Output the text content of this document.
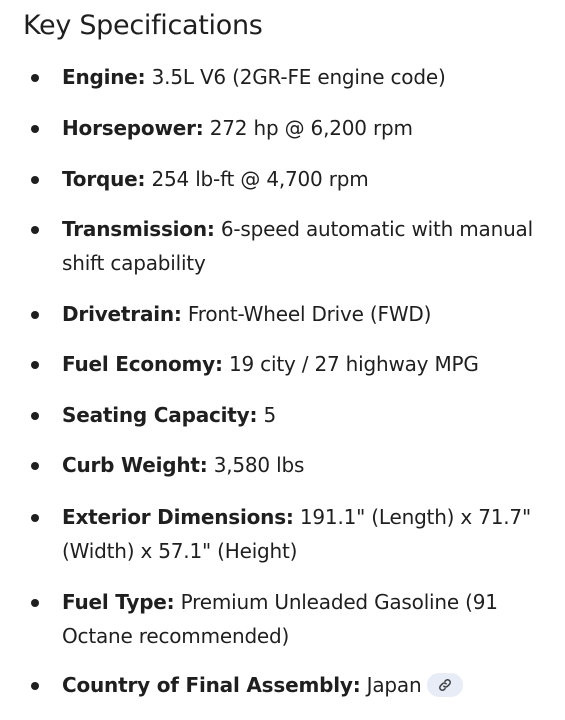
Key Specifications
Engine: 3.5L V6 (2GR-FE engine code)
Horsepower: 272 hp @ 6,200 rpm
Torque: 254 lb-ft @ 4,700 rpm
Transmission: 6-speed automatic with manual shift capability
Drivetrain: Front-Wheel Drive (FWD)
Fuel Economy: 19 city / 27 highway MPG
Seating Capacity: 5
Curb Weight: 3,580 lbs
Exterior Dimensions: 191.1" (Length) x 71.7" (Width) x 57.1" (Height)
Fuel Type: Premium Unleaded Gasoline (91 Octane recommended)
Country of Final Assembly: Japan
